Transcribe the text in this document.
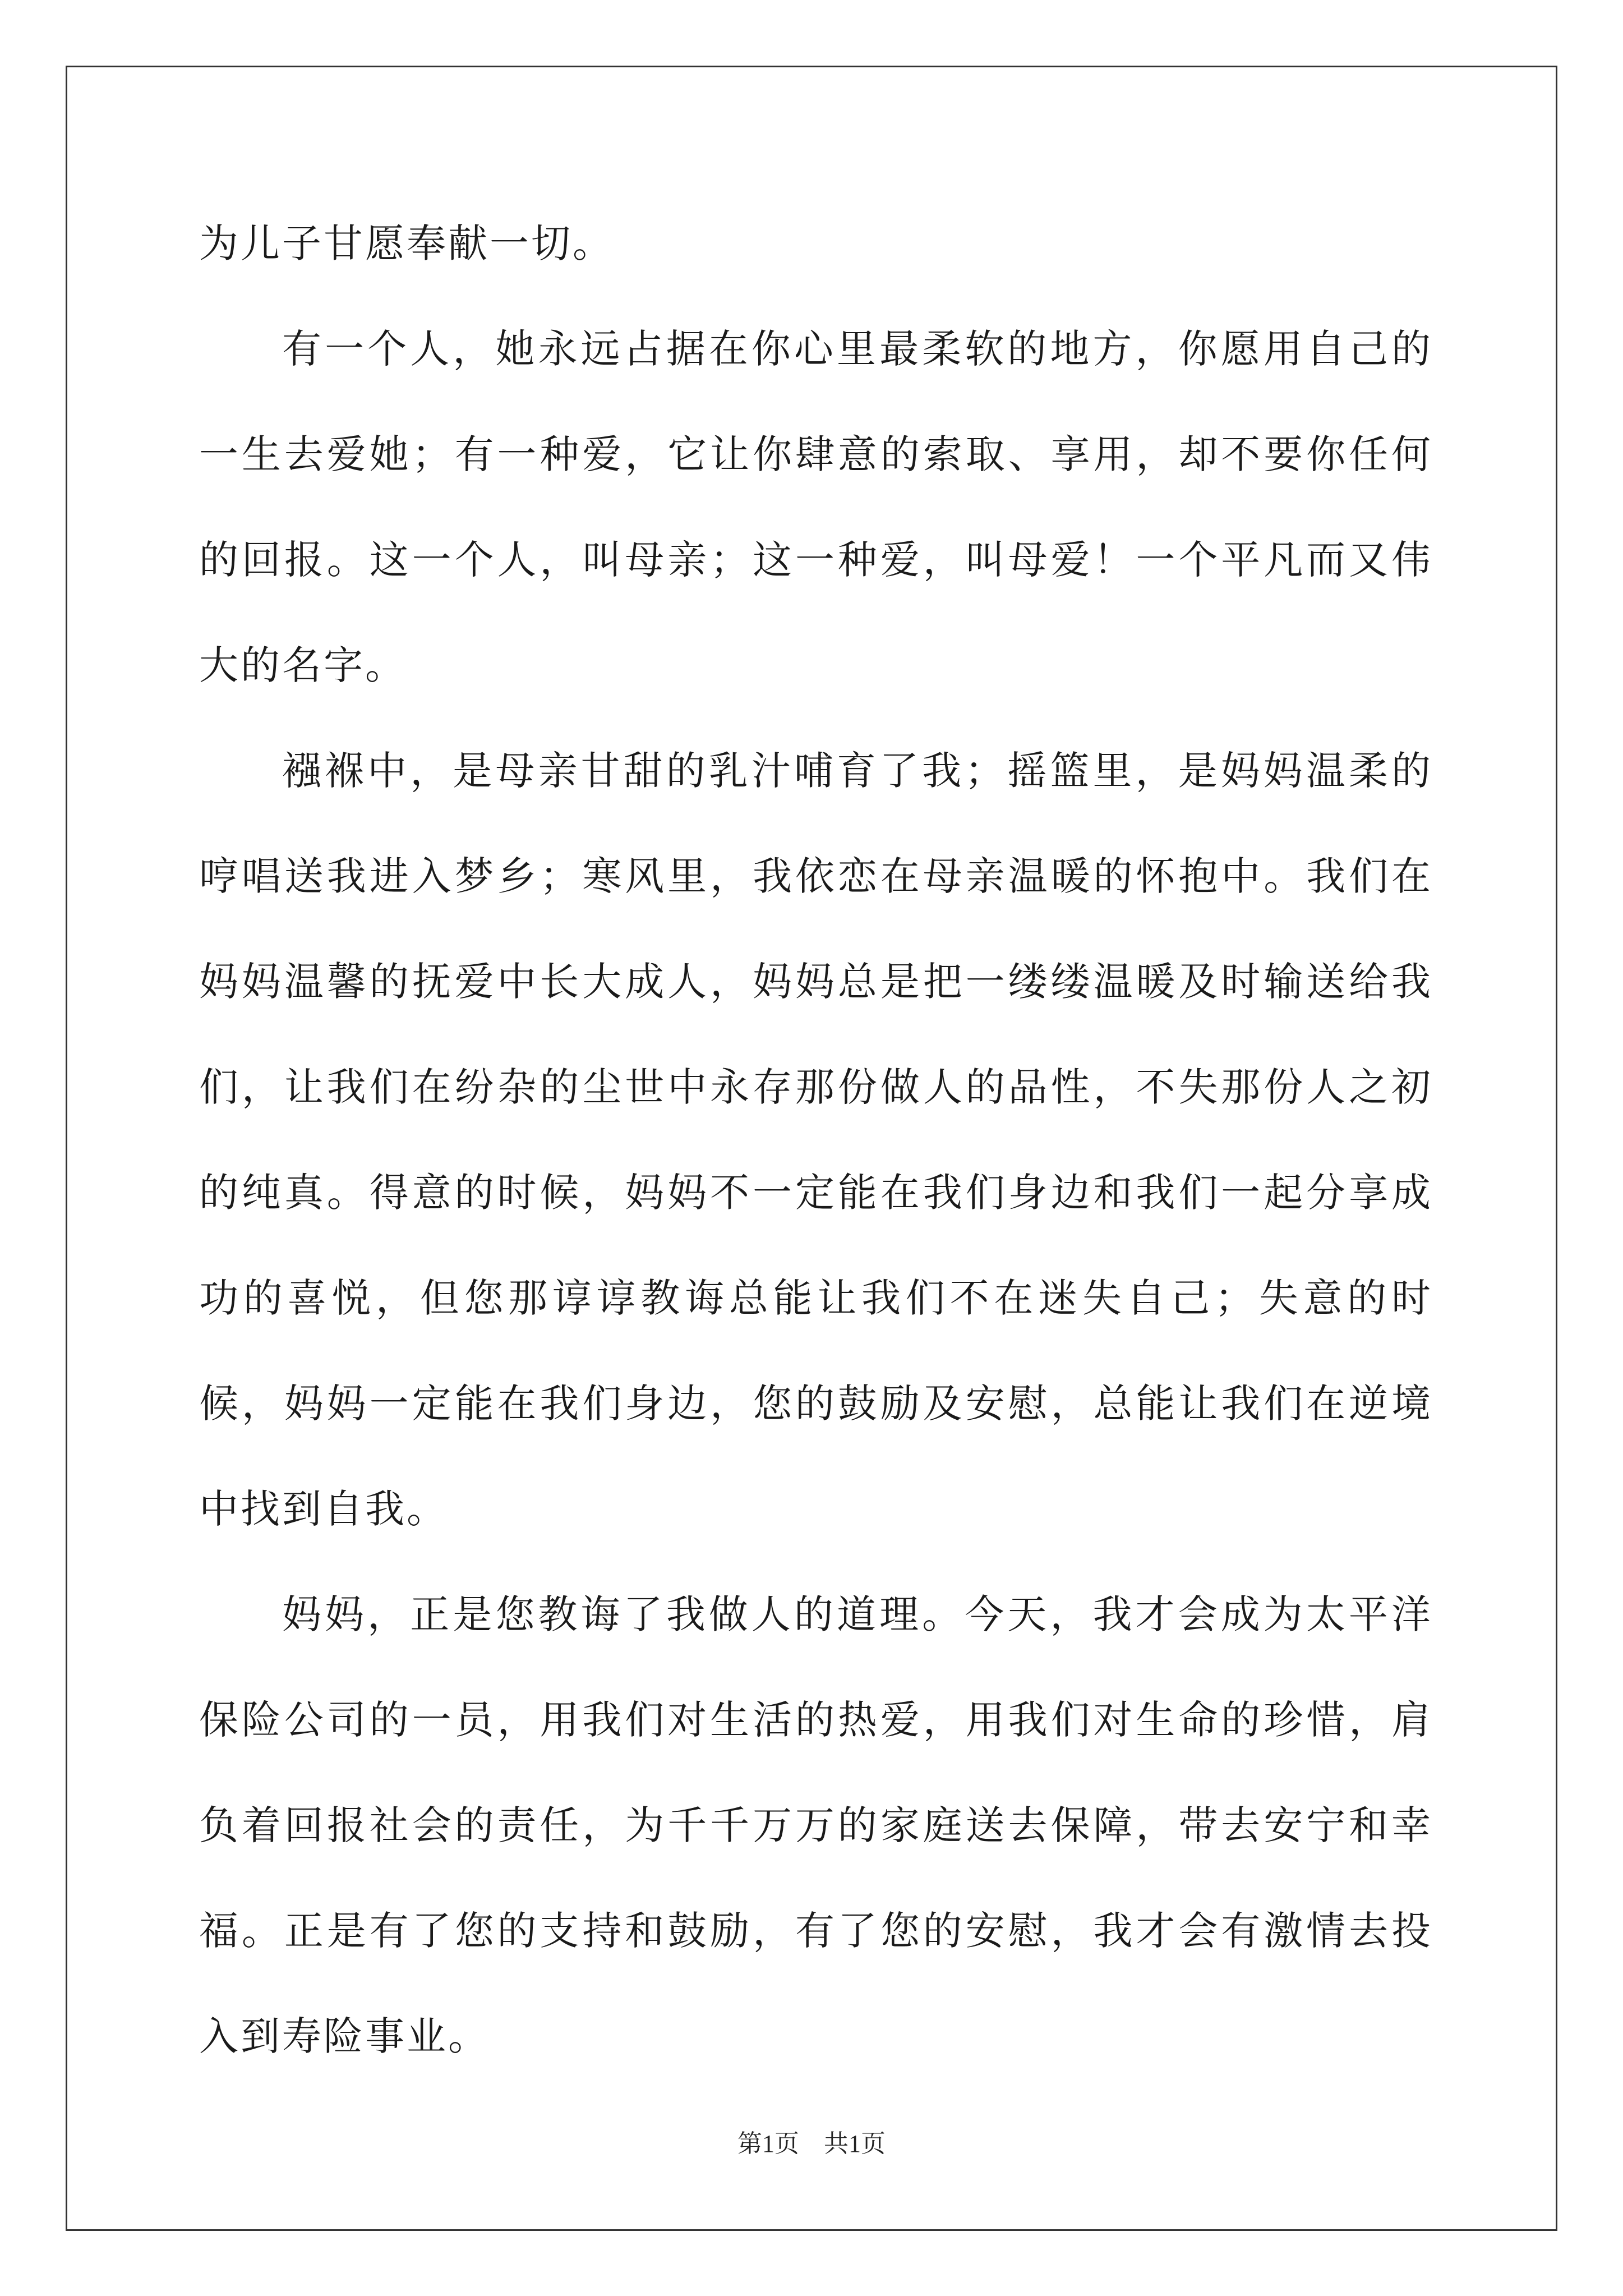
为儿子甘愿奉献一切。

有一个人，她永远占据在你心里最柔软的地方，你愿用自己的一生去爱她；有一种爱，它让你肆意的索取、享用，却不要你任何的回报。这一个人，叫母亲；这一种爱，叫母爱！一个平凡而又伟大的名字。

襁褓中，是母亲甘甜的乳汁哺育了我；摇篮里，是妈妈温柔的哼唱送我进入梦乡；寒风里，我依恋在母亲温暖的怀抱中。我们在妈妈温馨的抚爱中长大成人，妈妈总是把一缕缕温暖及时输送给我们，让我们在纷杂的尘世中永存那份做人的品性，不失那份人之初的纯真。得意的时候，妈妈不一定能在我们身边和我们一起分享成功的喜悦，但您那谆谆教诲总能让我们不在迷失自己；失意的时候，妈妈一定能在我们身边，您的鼓励及安慰，总能让我们在逆境中找到自我。

妈妈，正是您教诲了我做人的道理。今天，我才会成为太平洋保险公司的一员，用我们对生活的热爱，用我们对生命的珍惜，肩负着回报社会的责任，为千千万万的家庭送去保障，带去安宁和幸福。正是有了您的支持和鼓励，有了您的安慰，我才会有激情去投入到寿险事业。

第1页　共1页
